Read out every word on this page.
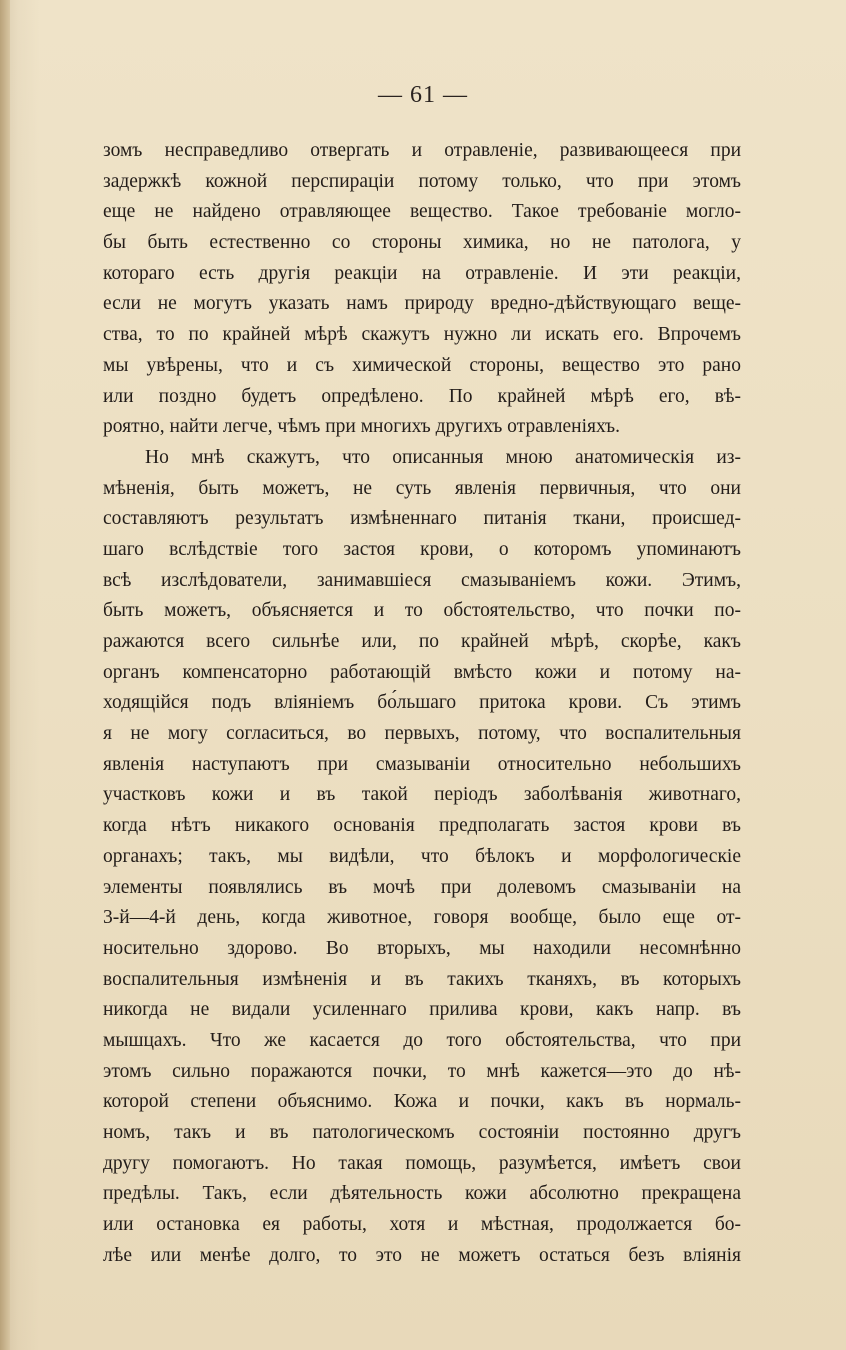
— 61 —
зомъ несправедливо отвергать и отравленіе, развивающееся при
задержкѣ кожной перспираціи потому только, что при этомъ
еще не найдено отравляющее вещество. Такое требованіе могло-
бы быть естественно со стороны химика, но не патолога, у
котораго есть другія реакціи на отравленіе. И эти реакціи,
если не могутъ указать намъ природу вредно-дѣйствующаго веще-
ства, то по крайней мѣрѣ скажутъ нужно ли искать его. Впрочемъ
мы увѣрены, что и съ химической стороны, вещество это рано
или поздно будетъ опредѣлено. По крайней мѣрѣ его, вѣ-
роятно, найти легче, чѣмъ при многихъ другихъ отравленіяхъ.
Но мнѣ скажутъ, что описанныя мною анатомическія из-
мѣненія, быть можетъ, не суть явленія первичныя, что они
составляютъ результатъ измѣненнаго питанія ткани, происшед-
шаго вслѣдствіе того застоя крови, о которомъ упоминаютъ
всѣ изслѣдователи, занимавшіеся смазываніемъ кожи. Этимъ,
быть можетъ, объясняется и то обстоятельство, что почки по-
ражаются всего сильнѣе или, по крайней мѣрѣ, скорѣе, какъ
органъ компенсаторно работающій вмѣсто кожи и потому на-
ходящійся подъ вліяніемъ бо́льшаго притока крови. Съ этимъ
я не могу согласиться, во первыхъ, потому, что воспалительныя
явленія наступаютъ при смазываніи относительно небольшихъ
участковъ кожи и въ такой періодъ заболѣванія животнаго,
когда нѣтъ никакого основанія предполагать застоя крови въ
органахъ; такъ, мы видѣли, что бѣлокъ и морфологическіе
элементы появлялись въ мочѣ при долевомъ смазываніи на
3-й—4-й день, когда животное, говоря вообще, было еще от-
носительно здорово. Во вторыхъ, мы находили несомнѣнно
воспалительныя измѣненія и въ такихъ тканяхъ, въ которыхъ
никогда не видали усиленнаго прилива крови, какъ напр. въ
мышцахъ. Что же касается до того обстоятельства, что при
этомъ сильно поражаются почки, то мнѣ кажется—это до нѣ-
которой степени объяснимо. Кожа и почки, какъ въ нормаль-
номъ, такъ и въ патологическомъ состояніи постоянно другъ
другу помогаютъ. Но такая помощь, разумѣется, имѣетъ свои
предѣлы. Такъ, если дѣятельность кожи абсолютно прекращена
или остановка ея работы, хотя и мѣстная, продолжается бо-
лѣе или менѣе долго, то это не можетъ остаться безъ вліянія
